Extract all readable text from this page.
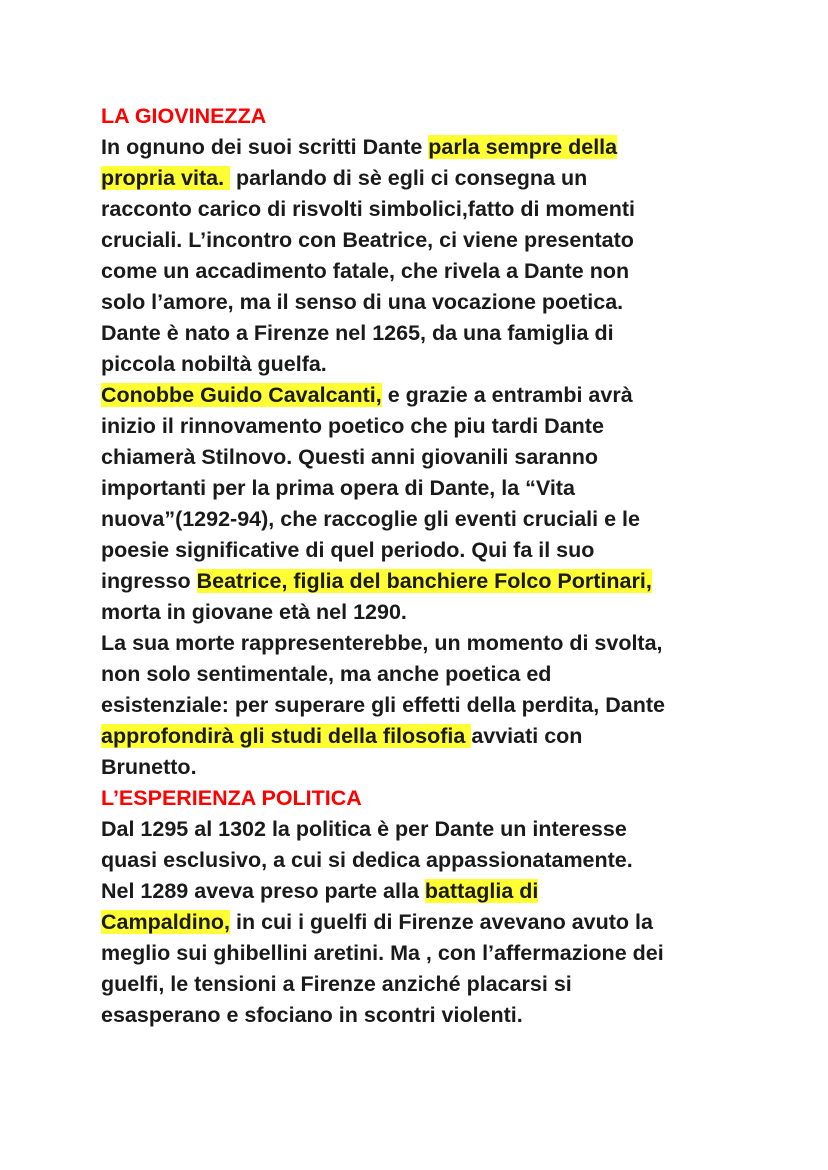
LA GIOVINEZZA
In ognuno dei suoi scritti Dante parla sempre della
propria vita.  parlando di sè egli ci consegna un
racconto carico di risvolti simbolici,fatto di momenti
cruciali. L’incontro con Beatrice, ci viene presentato
come un accadimento fatale, che rivela a Dante non
solo l’amore, ma il senso di una vocazione poetica.
Dante è nato a Firenze nel 1265, da una famiglia di
piccola nobiltà guelfa.
Conobbe Guido Cavalcanti, e grazie a entrambi avrà
inizio il rinnovamento poetico che piu tardi Dante
chiamerà Stilnovo. Questi anni giovanili saranno
importanti per la prima opera di Dante, la “Vita
nuova”(1292-94), che raccoglie gli eventi cruciali e le
poesie significative di quel periodo. Qui fa il suo
ingresso Beatrice, figlia del banchiere Folco Portinari,
morta in giovane età nel 1290.
La sua morte rappresenterebbe, un momento di svolta,
non solo sentimentale, ma anche poetica ed
esistenziale: per superare gli effetti della perdita, Dante
approfondirà gli studi della filosofia avviati con
Brunetto.
L’ESPERIENZA POLITICA
Dal 1295 al 1302 la politica è per Dante un interesse
quasi esclusivo, a cui si dedica appassionatamente.
Nel 1289 aveva preso parte alla battaglia di
Campaldino, in cui i guelfi di Firenze avevano avuto la
meglio sui ghibellini aretini. Ma , con l’affermazione dei
guelfi, le tensioni a Firenze anziché placarsi si
esasperano e sfociano in scontri violenti.
